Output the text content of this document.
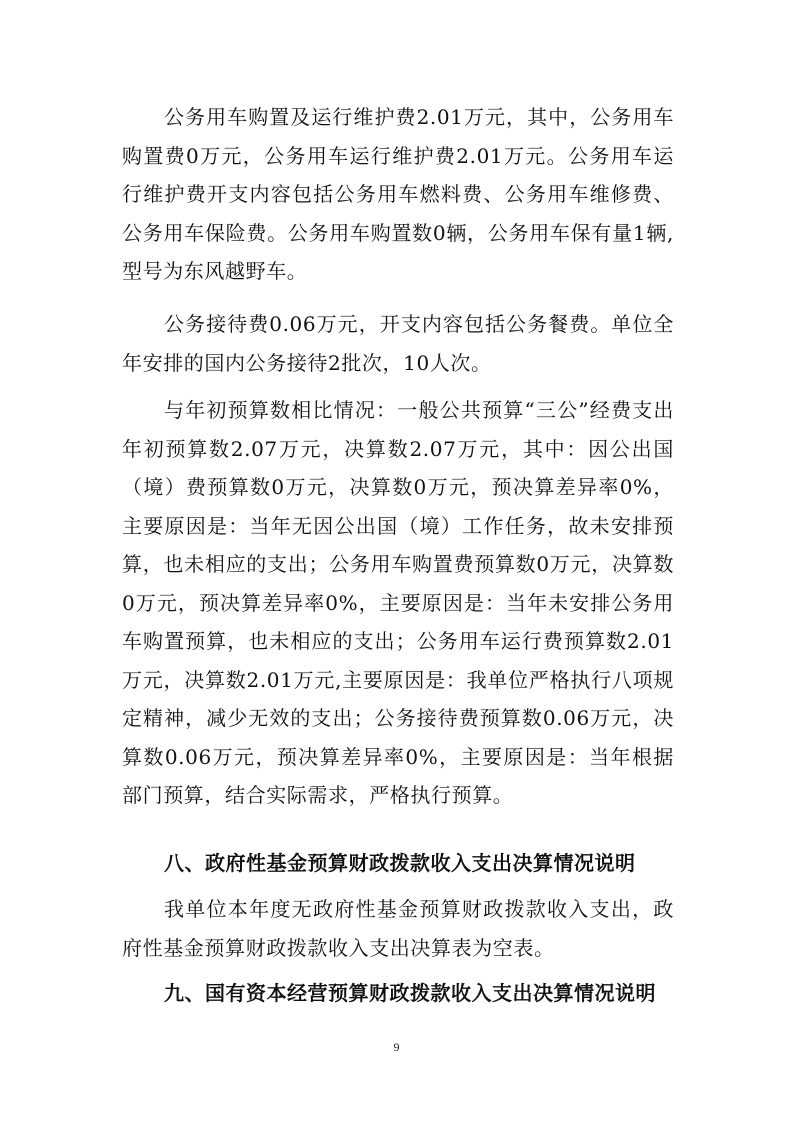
公务用车购置及运行维护费2.01万元，其中，公务用车购置费0万元，公务用车运行维护费2.01万元。公务用车运行维护费开支内容包括公务用车燃料费、公务用车维修费、公务用车保险费。公务用车购置数0辆，公务用车保有量1辆,型号为东风越野车。

公务接待费0.06万元，开支内容包括公务餐费。单位全年安排的国内公务接待2批次，10人次。

与年初预算数相比情况：一般公共预算“三公”经费支出年初预算数2.07万元，决算数2.07万元，其中：因公出国（境）费预算数0万元，决算数0万元，预决算差异率0%，主要原因是：当年无因公出国（境）工作任务，故未安排预算，也未相应的支出；公务用车购置费预算数0万元，决算数0万元，预决算差异率0%，主要原因是：当年未安排公务用车购置预算，也未相应的支出；公务用车运行费预算数2.01万元，决算数2.01万元,主要原因是：我单位严格执行八项规定精神，减少无效的支出；公务接待费预算数0.06万元，决算数0.06万元，预决算差异率0%，主要原因是：当年根据部门预算，结合实际需求，严格执行预算。

八、政府性基金预算财政拨款收入支出决算情况说明

我单位本年度无政府性基金预算财政拨款收入支出，政府性基金预算财政拨款收入支出决算表为空表。

九、国有资本经营预算财政拨款收入支出决算情况说明
9
